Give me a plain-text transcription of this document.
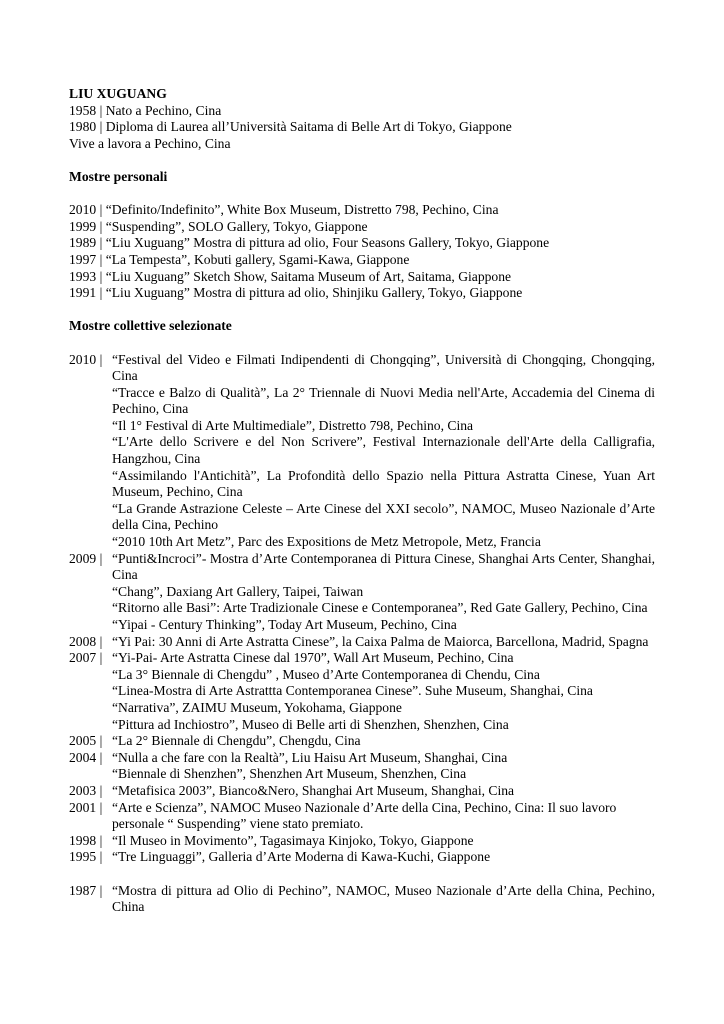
LIU XUGUANG
1958 | Nato a Pechino, Cina
1980 | Diploma di Laurea all’Università Saitama di Belle Art di Tokyo, Giappone
Vive a lavora a Pechino, Cina
Mostre personali
2010 | “Definito/Indefinito”, White Box Museum, Distretto 798, Pechino, Cina
1999 | “Suspending”, SOLO Gallery, Tokyo, Giappone
1989 | “Liu Xuguang” Mostra di pittura ad olio, Four Seasons Gallery, Tokyo, Giappone
1997 | “La Tempesta”, Kobuti gallery, Sgami-Kawa, Giappone
1993 | “Liu Xuguang” Sketch Show, Saitama Museum of Art, Saitama, Giappone
1991 | “Liu Xuguang” Mostra di pittura ad olio, Shinjiku Gallery, Tokyo, Giappone
Mostre collettive selezionate
2010 | “Festival del Video e Filmati Indipendenti di Chongqing”, Università di Chongqing, Chongqing, Cina
“Tracce e Balzo di Qualità”, La 2° Triennale di Nuovi Media nell'Arte, Accademia del Cinema di Pechino, Cina
“Il 1° Festival di Arte Multimediale”, Distretto 798, Pechino, Cina
“L'Arte dello Scrivere e del Non Scrivere”, Festival Internazionale dell'Arte della Calligrafia, Hangzhou, Cina
“Assimilando l'Antichità”, La Profondità dello Spazio nella Pittura Astratta Cinese, Yuan Art Museum, Pechino, Cina
“La Grande Astrazione Celeste – Arte Cinese del XXI secolo”, NAMOC, Museo Nazionale d’Arte della Cina, Pechino
“2010 10th Art Metz”, Parc des Expositions de Metz Metropole, Metz, Francia
2009 | “Punti&Incroci”- Mostra d’Arte Contemporanea di Pittura Cinese, Shanghai Arts Center, Shanghai, Cina
“Chang”, Daxiang Art Gallery, Taipei, Taiwan
“Ritorno alle Basi”: Arte Tradizionale Cinese e Contemporanea”, Red Gate Gallery, Pechino, Cina
“Yipai - Century Thinking”, Today Art Museum, Pechino, Cina
2008 | “Yi Pai: 30 Anni di Arte Astratta Cinese”, la Caixa Palma de Maiorca, Barcellona, Madrid, Spagna
2007 | “Yi-Pai- Arte Astratta Cinese dal 1970”, Wall Art Museum, Pechino, Cina
“La 3° Biennale di Chengdu” , Museo d’Arte Contemporanea di Chendu, Cina
“Linea-Mostra di Arte Astrattta Contemporanea Cinese”. Suhe Museum, Shanghai, Cina
“Narrativa”, ZAIMU Museum, Yokohama, Giappone
“Pittura ad Inchiostro”, Museo di Belle arti di Shenzhen, Shenzhen, Cina
2005 | “La 2° Biennale di Chengdu”, Chengdu, Cina
2004 | “Nulla a che fare con la Realtà”, Liu Haisu Art Museum, Shanghai, Cina
“Biennale di Shenzhen”, Shenzhen Art Museum, Shenzhen, Cina
2003 | “Metafisica 2003”, Bianco&Nero, Shanghai Art Museum, Shanghai, Cina
2001 | “Arte e Scienza”, NAMOC Museo Nazionale d’Arte della Cina, Pechino, Cina: Il suo lavoro personale “ Suspending” viene stato premiato.
1998 | “Il Museo in Movimento”, Tagasimaya Kinjoko, Tokyo, Giappone
1995 | “Tre Linguaggi”, Galleria d’Arte Moderna di Kawa-Kuchi, Giappone
1987 | “Mostra di pittura ad Olio di Pechino”, NAMOC, Museo Nazionale d’Arte della China, Pechino, China
